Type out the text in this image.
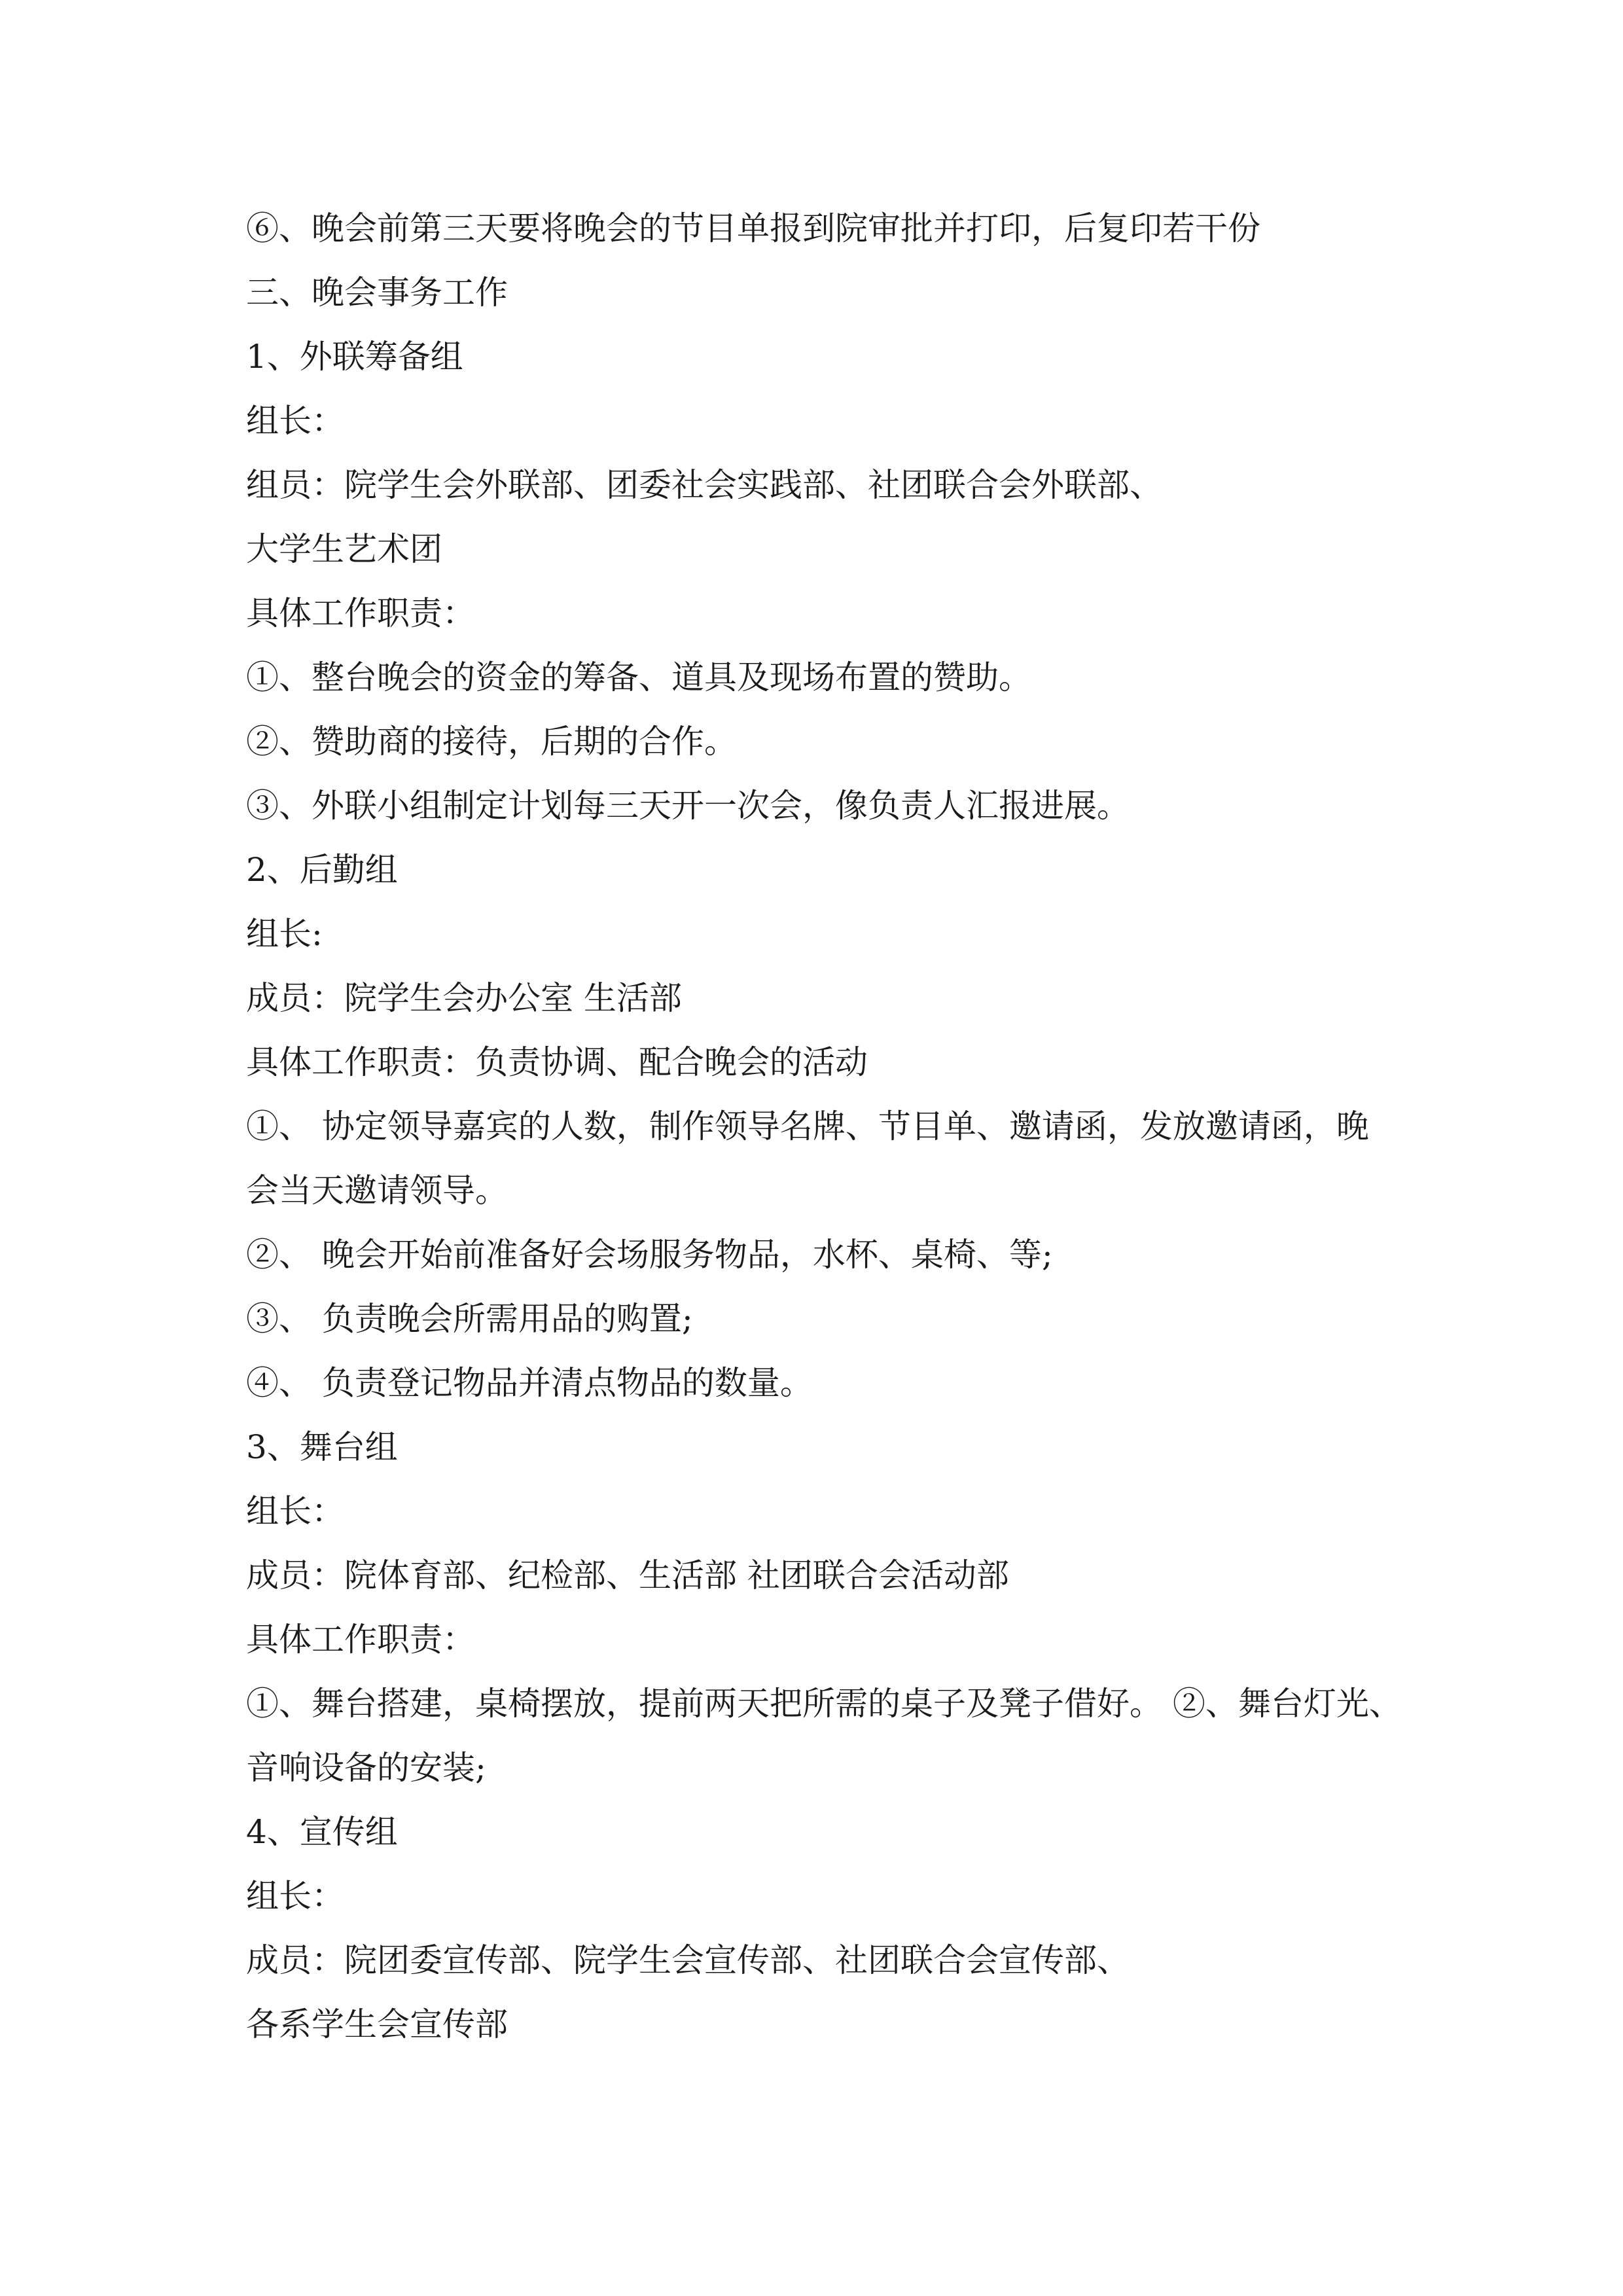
⑥、晚会前第三天要将晚会的节目单报到院审批并打印，后复印若干份
三、晚会事务工作
1、外联筹备组
组长：
组员：院学生会外联部、团委社会实践部、社团联合会外联部、
大学生艺术团
具体工作职责：
①、整台晚会的资金的筹备、道具及现场布置的赞助。
②、赞助商的接待，后期的合作。
③、外联小组制定计划每三天开一次会，像负责人汇报进展。
2、后勤组
组长:
成员：院学生会办公室 生活部
具体工作职责：负责协调、配合晚会的活动
①、 协定领导嘉宾的人数，制作领导名牌、节目单、邀请函，发放邀请函，晚
会当天邀请领导。
②、 晚会开始前准备好会场服务物品，水杯、桌椅、等;
③、 负责晚会所需用品的购置;
④、 负责登记物品并清点物品的数量。
3、舞台组
组长：
成员：院体育部、纪检部、生活部 社团联合会活动部
具体工作职责：
①、舞台搭建，桌椅摆放，提前两天把所需的桌子及凳子借好。 ②、舞台灯光、
音响设备的安装;
4、宣传组
组长：
成员：院团委宣传部、院学生会宣传部、社团联合会宣传部、
各系学生会宣传部
